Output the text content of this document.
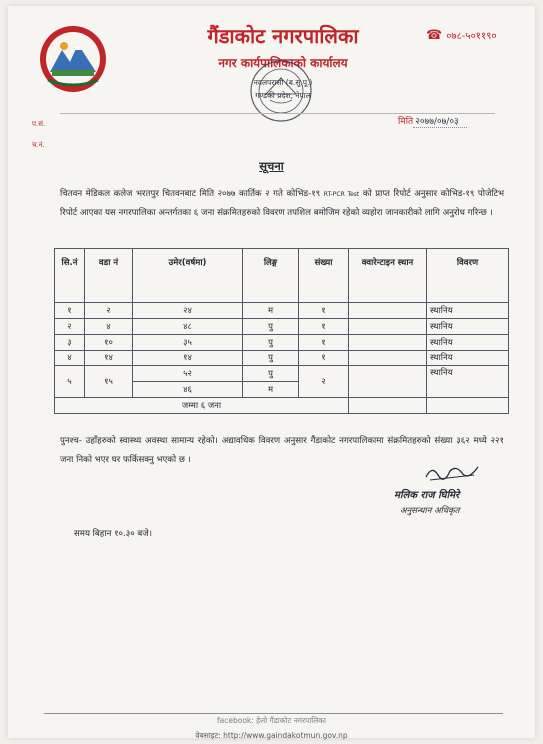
गैंडाकोट नगरपालिका
नगर कार्यपालिकाको कार्यालय
नवलपरासी (ब.सु.पू.)
गण्डकी प्रदेश, नेपाल
☎ ०७८-५०११९०
प.सं.
च.नं.
मिति २०७७/०७/०३
सूचना
चितवन मेडिकल कलेज भरतपुर चितवनबाट मिति २०७७ कार्तिक २ गते कोभिड-१९ RT-PCR Test को प्राप्त रिपोर्ट अनुसार कोभिड-१९ पोजेटिभ रिपोर्ट आएका यस नगरपालिका अन्तर्गतका ६ जना संक्रमितहरुको विवरण तपशिल बमोजिम रहेको व्यहोरा जानकारीको लागि अनुरोध गरिन्छ ।
सि.नं	वडा नं	उमेर(वर्षमा)	लिङ्ग	संख्या	क्वारेन्टाइन स्थान	विवरण
१	२	२४	म	१		स्थानिय
२	४	४८	पु	१		स्थानिय
३	१०	३५	पु	१		स्थानिय
४	१४	१४	पु	१		स्थानिय
५	१५	५२	पु	२		स्थानिय
		४६	म			
जम्मा ६ जना						
पुनश्च- उहाँहरुको स्वास्थ्य अवस्था सामान्य रहेको। अद्यावधिक विवरण अनुसार गैंडाकोट नगरपालिकामा संक्रमितहरुको संख्या ३६२ मध्ये २२१ जना निको भएर घर फर्किसक्नु भएको छ ।
मलिक राज घिमिरे
अनुसन्धान अधिकृत
समय बिहान १०.३० बजे।
facebook: हेलो गैंडाकोट नगरपालिका
वेबसाइट: http://www.gaindakotmun.gov.np
